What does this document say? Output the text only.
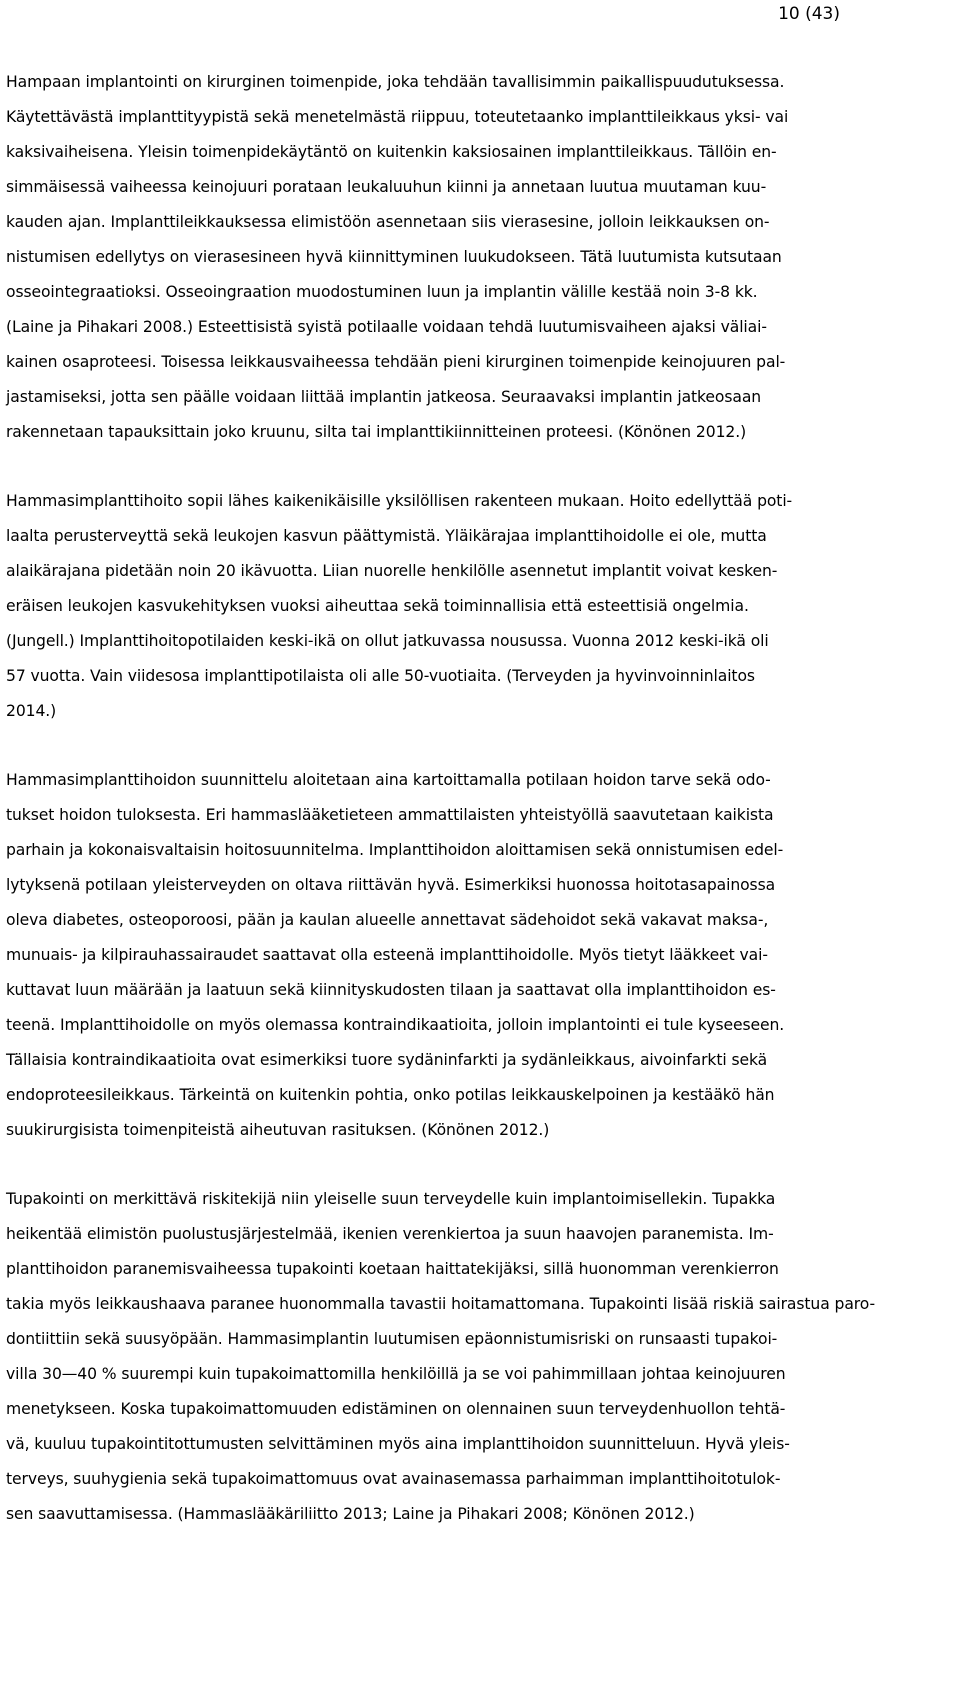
10 (43)
Hampaan implantointi on kirurginen toimenpide, joka tehdään tavallisimmin paikallispuudutuksessa.
Käytettävästä implanttityypistä sekä menetelmästä riippuu, toteutetaanko implanttileikkaus yksi- vai
kaksivaiheisena. Yleisin toimenpidekäytäntö on kuitenkin kaksiosainen implanttileikkaus. Tällöin en-
simmäisessä vaiheessa keinojuuri porataan leukaluuhun kiinni ja annetaan luutua muutaman kuu-
kauden ajan. Implanttileikkauksessa elimistöön asennetaan siis vierasesine, jolloin leikkauksen on-
nistumisen edellytys on vierasesineen hyvä kiinnittyminen luukudokseen. Tätä luutumista kutsutaan
osseointegraatioksi. Osseoingraation muodostuminen luun ja implantin välille kestää noin 3-8 kk.
(Laine ja Pihakari 2008.) Esteettisistä syistä potilaalle voidaan tehdä luutumisvaiheen ajaksi väliai-
kainen osaproteesi. Toisessa leikkausvaiheessa tehdään pieni kirurginen toimenpide keinojuuren pal-
jastamiseksi, jotta sen päälle voidaan liittää implantin jatkeosa. Seuraavaksi implantin jatkeosaan
rakennetaan tapauksittain joko kruunu, silta tai implanttikiinnitteinen proteesi. (Könönen 2012.)
Hammasimplanttihoito sopii lähes kaikenikäisille yksilöllisen rakenteen mukaan. Hoito edellyttää poti-
laalta perusterveyttä sekä leukojen kasvun päättymistä. Yläikärajaa implanttihoidolle ei ole, mutta
alaikärajana pidetään noin 20 ikävuotta. Liian nuorelle henkilölle asennetut implantit voivat kesken-
eräisen leukojen kasvukehityksen vuoksi aiheuttaa sekä toiminnallisia että esteettisiä ongelmia.
(Jungell.) Implanttihoitopotilaiden keski-ikä on ollut jatkuvassa nousussa. Vuonna 2012 keski-ikä oli
57 vuotta. Vain viidesosa implanttipotilaista oli alle 50-vuotiaita. (Terveyden ja hyvinvoinninlaitos
2014.)
Hammasimplanttihoidon suunnittelu aloitetaan aina kartoittamalla potilaan hoidon tarve sekä odo-
tukset hoidon tuloksesta. Eri hammaslääketieteen ammattilaisten yhteistyöllä saavutetaan kaikista
parhain ja kokonaisvaltaisin hoitosuunnitelma. Implanttihoidon aloittamisen sekä onnistumisen edel-
lytyksenä potilaan yleisterveyden on oltava riittävän hyvä. Esimerkiksi huonossa hoitotasapainossa
oleva diabetes, osteoporoosi, pään ja kaulan alueelle annettavat sädehoidot sekä vakavat maksa-,
munuais- ja kilpirauhassairaudet saattavat olla esteenä implanttihoidolle. Myös tietyt lääkkeet vai-
kuttavat luun määrään ja laatuun sekä kiinnityskudosten tilaan ja saattavat olla implanttihoidon es-
teenä. Implanttihoidolle on myös olemassa kontraindikaatioita, jolloin implantointi ei tule kyseeseen.
Tällaisia kontraindikaatioita ovat esimerkiksi tuore sydäninfarkti ja sydänleikkaus, aivoinfarkti sekä
endoproteesileikkaus. Tärkeintä on kuitenkin pohtia, onko potilas leikkauskelpoinen ja kestääkö hän
suukirurgisista toimenpiteistä aiheutuvan rasituksen. (Könönen 2012.)
Tupakointi on merkittävä riskitekijä niin yleiselle suun terveydelle kuin implantoimisellekin. Tupakka
heikentää elimistön puolustusjärjestelmää, ikenien verenkiertoa ja suun haavojen paranemista. Im-
planttihoidon paranemisvaiheessa tupakointi koetaan haittatekijäksi, sillä huonomman verenkierron
takia myös leikkaushaava paranee huonommalla tavastii hoitamattomana. Tupakointi lisää riskiä sairastua paro-
dontiittiin sekä suusyöpään. Hammasimplantin luutumisen epäonnistumisriski on runsaasti tupakoi-
villa 30—40 % suurempi kuin tupakoimattomilla henkilöillä ja se voi pahimmillaan johtaa keinojuuren
menetykseen. Koska tupakoimattomuuden edistäminen on olennainen suun terveydenhuollon tehtä-
vä, kuuluu tupakointitottumusten selvittäminen myös aina implanttihoidon suunnitteluun. Hyvä yleis-
terveys, suuhygienia sekä tupakoimattomuus ovat avainasemassa parhaimman implanttihoitotulok-
sen saavuttamisessa. (Hammaslääkäriliitto 2013; Laine ja Pihakari 2008; Könönen 2012.)
